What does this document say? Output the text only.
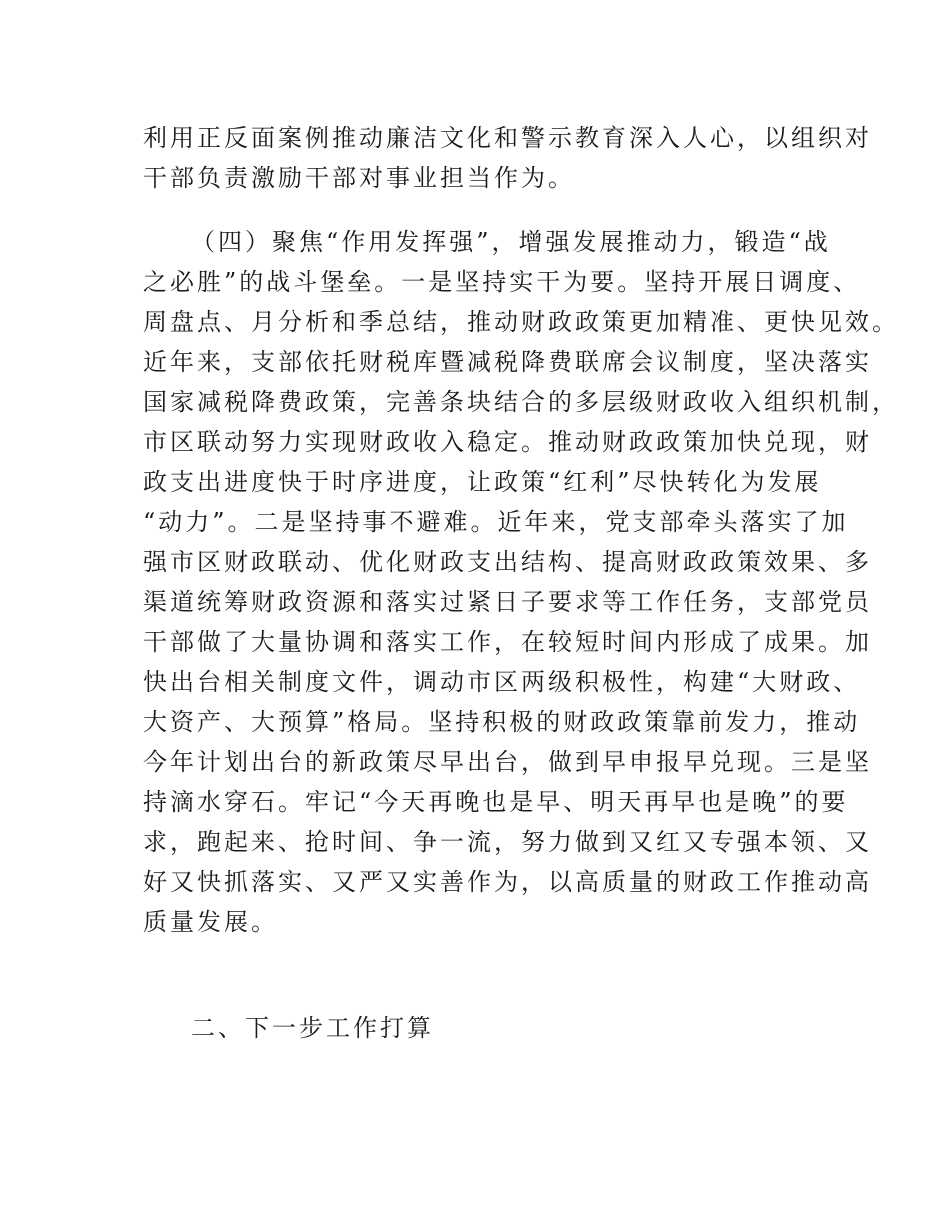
利用正反面案例推动廉洁文化和警示教育深入人心，以组织对
干部负责激励干部对事业担当作为。
（四）聚焦“作用发挥强”，增强发展推动力，锻造“战
之必胜”的战斗堡垒。一是坚持实干为要。坚持开展日调度、
周盘点、月分析和季总结，推动财政政策更加精准、更快见效。
近年来，支部依托财税库暨减税降费联席会议制度，坚决落实
国家减税降费政策，完善条块结合的多层级财政收入组织机制，
市区联动努力实现财政收入稳定。推动财政政策加快兑现，财
政支出进度快于时序进度，让政策“红利”尽快转化为发展
“动力”。二是坚持事不避难。近年来，党支部牵头落实了加
强市区财政联动、优化财政支出结构、提高财政政策效果、多
渠道统筹财政资源和落实过紧日子要求等工作任务，支部党员
干部做了大量协调和落实工作，在较短时间内形成了成果。加
快出台相关制度文件，调动市区两级积极性，构建“大财政、
大资产、大预算”格局。坚持积极的财政政策靠前发力，推动
今年计划出台的新政策尽早出台，做到早申报早兑现。三是坚
持滴水穿石。牢记“今天再晚也是早、明天再早也是晚”的要
求，跑起来、抢时间、争一流，努力做到又红又专强本领、又
好又快抓落实、又严又实善作为，以高质量的财政工作推动高
质量发展。
二、下一步工作打算
